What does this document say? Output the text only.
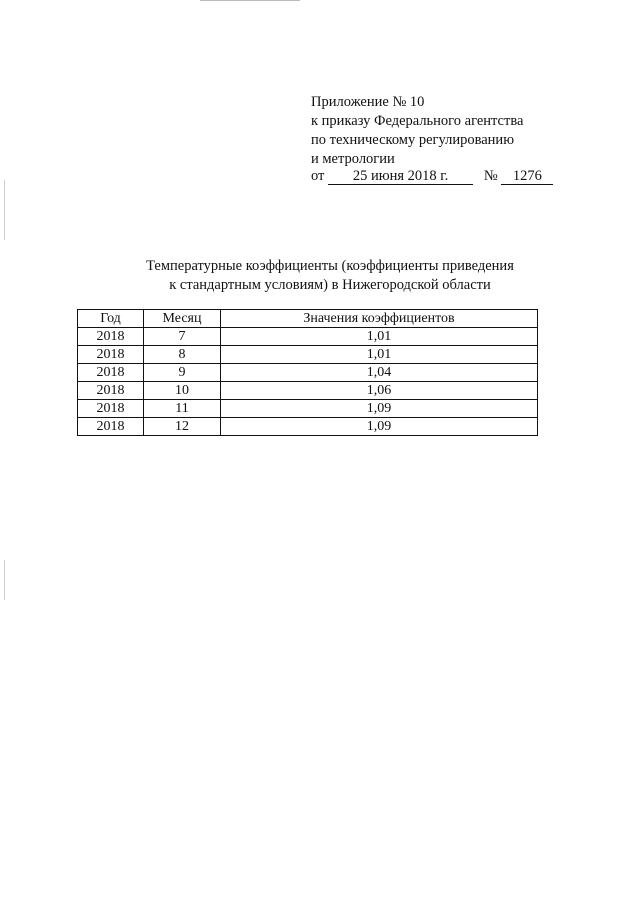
Приложение № 10
к приказу Федерального агентства
по техническому регулированию
и метрологии
от 25 июня 2018 г. № 1276
Температурные коэффициенты (коэффициенты приведения
к стандартным условиям) в Нижегородской области
Год	Месяц	Значения коэффициентов
2018	7	1,01
2018	8	1,01
2018	9	1,04
2018	10	1,06
2018	11	1,09
2018	12	1,09
